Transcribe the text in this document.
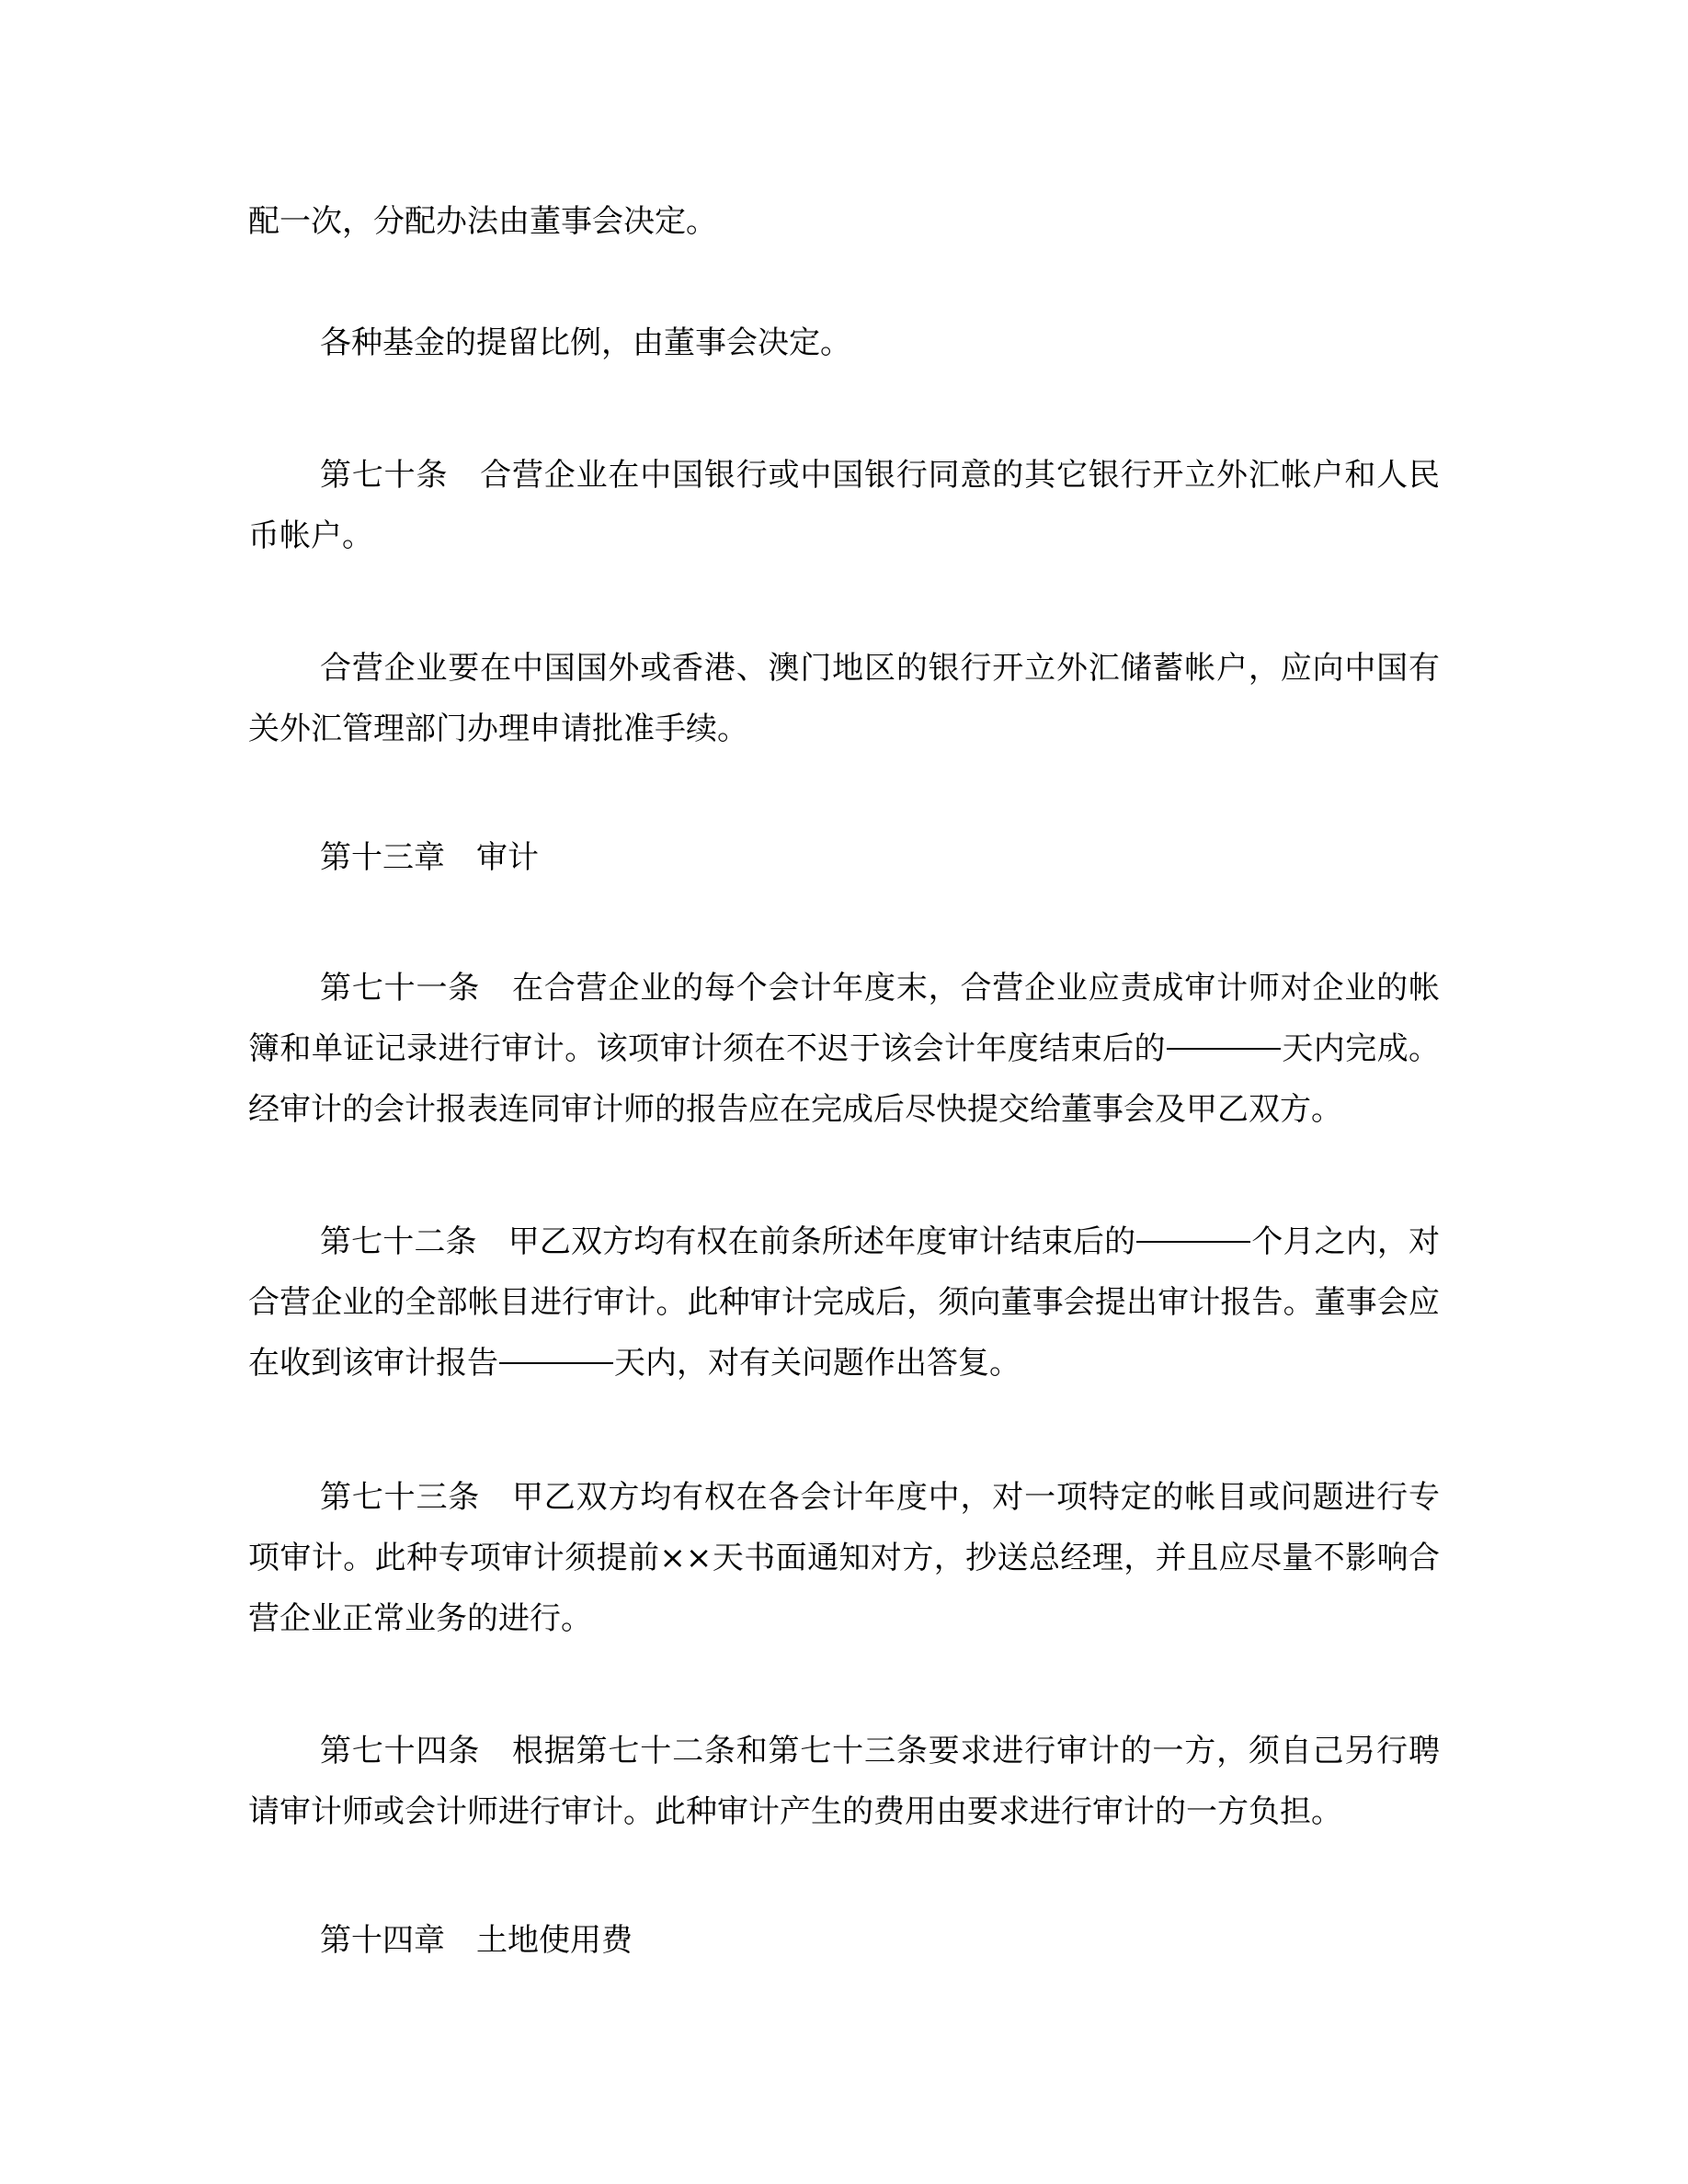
配一次，分配办法由董事会决定。
各种基金的提留比例，由董事会决定。
第七十条 合营企业在中国银行或中国银行同意的其它银行开立外汇帐户和人民币帐户。
合营企业要在中国国外或香港、澳门地区的银行开立外汇储蓄帐户，应向中国有关外汇管理部门办理申请批准手续。
第十三章 审计
第七十一条 在合营企业的每个会计年度末，合营企业应责成审计师对企业的帐簿和单证记录进行审计。该项审计须在不迟于该会计年度结束后的	天内完成。经审计的会计报表连同审计师的报告应在完成后尽快提交给董事会及甲乙双方。
第七十二条 甲乙双方均有权在前条所述年度审计结束后的	个月之内，对合营企业的全部帐目进行审计。此种审计完成后，须向董事会提出审计报告。董事会应在收到该审计报告	天内，对有关问题作出答复。
第七十三条 甲乙双方均有权在各会计年度中，对一项特定的帐目或问题进行专项审计。此种专项审计须提前××天书面通知对方，抄送总经理，并且应尽量不影响合营企业正常业务的进行。
第七十四条 根据第七十二条和第七十三条要求进行审计的一方，须自己另行聘请审计师或会计师进行审计。此种审计产生的费用由要求进行审计的一方负担。
第十四章 土地使用费
